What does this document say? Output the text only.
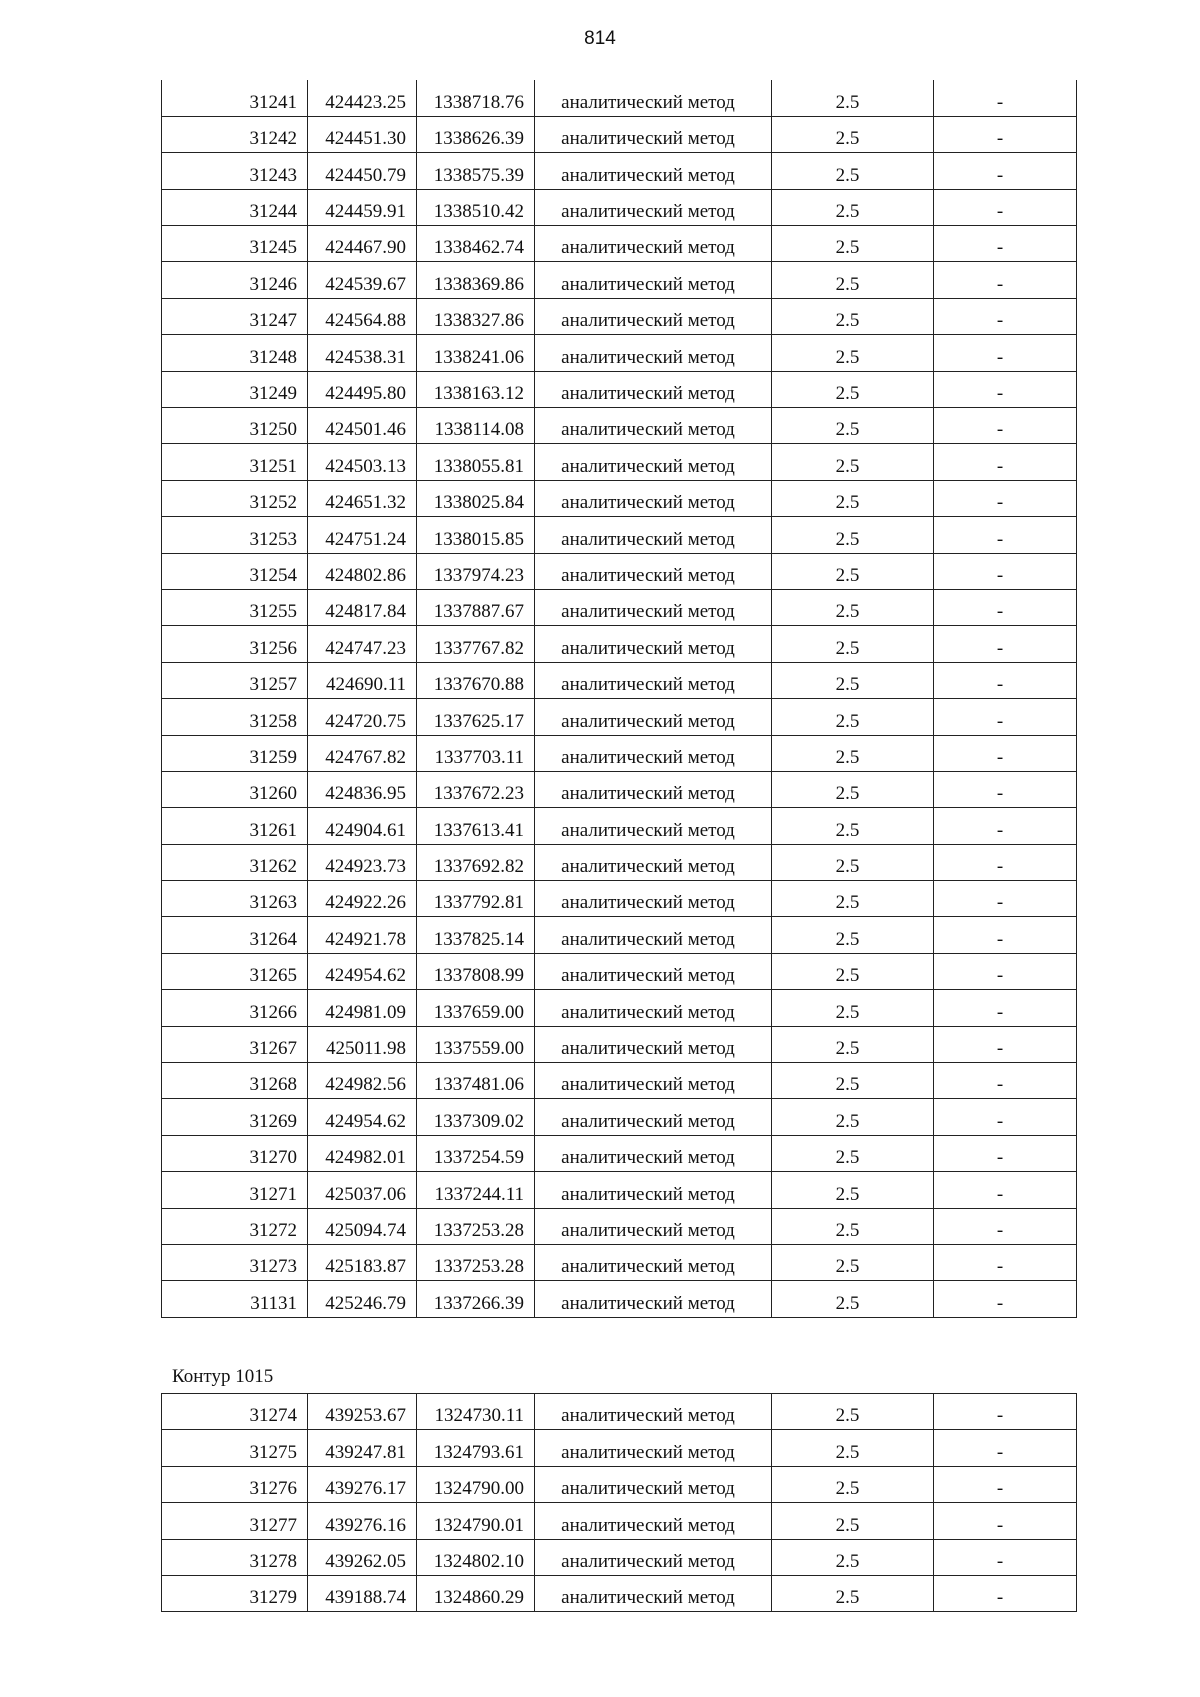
814
31241	424423.25	1338718.76	аналитический метод	2.5	-
31242	424451.30	1338626.39	аналитический метод	2.5	-
31243	424450.79	1338575.39	аналитический метод	2.5	-
31244	424459.91	1338510.42	аналитический метод	2.5	-
31245	424467.90	1338462.74	аналитический метод	2.5	-
31246	424539.67	1338369.86	аналитический метод	2.5	-
31247	424564.88	1338327.86	аналитический метод	2.5	-
31248	424538.31	1338241.06	аналитический метод	2.5	-
31249	424495.80	1338163.12	аналитический метод	2.5	-
31250	424501.46	1338114.08	аналитический метод	2.5	-
31251	424503.13	1338055.81	аналитический метод	2.5	-
31252	424651.32	1338025.84	аналитический метод	2.5	-
31253	424751.24	1338015.85	аналитический метод	2.5	-
31254	424802.86	1337974.23	аналитический метод	2.5	-
31255	424817.84	1337887.67	аналитический метод	2.5	-
31256	424747.23	1337767.82	аналитический метод	2.5	-
31257	424690.11	1337670.88	аналитический метод	2.5	-
31258	424720.75	1337625.17	аналитический метод	2.5	-
31259	424767.82	1337703.11	аналитический метод	2.5	-
31260	424836.95	1337672.23	аналитический метод	2.5	-
31261	424904.61	1337613.41	аналитический метод	2.5	-
31262	424923.73	1337692.82	аналитический метод	2.5	-
31263	424922.26	1337792.81	аналитический метод	2.5	-
31264	424921.78	1337825.14	аналитический метод	2.5	-
31265	424954.62	1337808.99	аналитический метод	2.5	-
31266	424981.09	1337659.00	аналитический метод	2.5	-
31267	425011.98	1337559.00	аналитический метод	2.5	-
31268	424982.56	1337481.06	аналитический метод	2.5	-
31269	424954.62	1337309.02	аналитический метод	2.5	-
31270	424982.01	1337254.59	аналитический метод	2.5	-
31271	425037.06	1337244.11	аналитический метод	2.5	-
31272	425094.74	1337253.28	аналитический метод	2.5	-
31273	425183.87	1337253.28	аналитический метод	2.5	-
31131	425246.79	1337266.39	аналитический метод	2.5	-
Контур 1015
31274	439253.67	1324730.11	аналитический метод	2.5	-
31275	439247.81	1324793.61	аналитический метод	2.5	-
31276	439276.17	1324790.00	аналитический метод	2.5	-
31277	439276.16	1324790.01	аналитический метод	2.5	-
31278	439262.05	1324802.10	аналитический метод	2.5	-
31279	439188.74	1324860.29	аналитический метод	2.5	-
